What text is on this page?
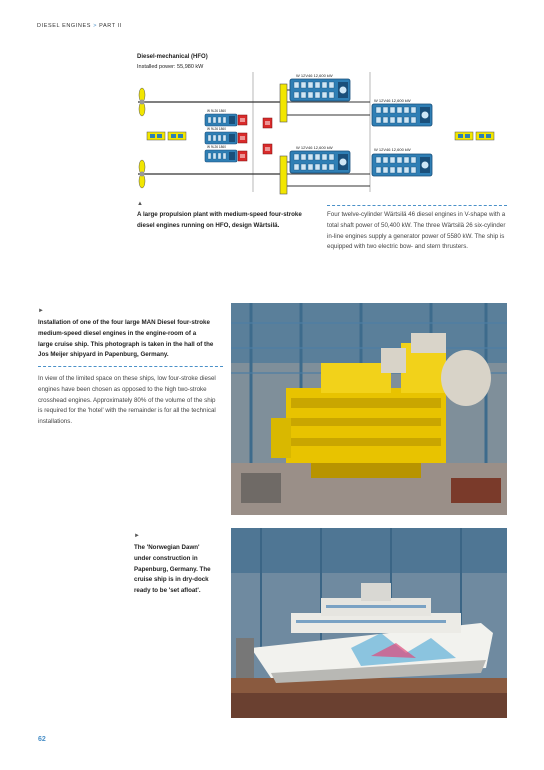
DIESEL ENGINES > PART II
Diesel-mechanical (HFO)
Installed power: 55,980 kW
W 12V46 12,600 kW
W 12V46 12,600 kW
W 12V46 12,600 kW
W 12V46 12,600 kW
W 9L26 1860
W 9L26 1860
W 9L26 1860
▲
A large propulsion plant with medium-speed four-stroke
diesel engines running on HFO, design Wärtsilä.
Four twelve-cylinder Wärtsilä 46 diesel engines in V-shape with a
total shaft power of 50,400 kW. The three Wärtsilä 26 six-cylinder
in-line engines supply a generator power of 5580 kW. The ship is
equipped with two electric bow- and stern thrusters.
►
Installation of one of the four large MAN Diesel four-stroke
medium-speed diesel engines in the engine-room of a
large cruise ship. This photograph is taken in the hall of the
Jos Meijer shipyard in Papenburg, Germany.
In view of the limited space on these ships, low four-stroke diesel
engines have been chosen as opposed to the high two-stroke
crosshead engines. Approximately 80% of the volume of the ship
is required for the 'hotel' with the remainder is for all the technical
installations.
►
The 'Norwegian Dawn'
under construction in
Papenburg, Germany. The
cruise ship is in dry-dock
ready to be 'set afloat'.
62
